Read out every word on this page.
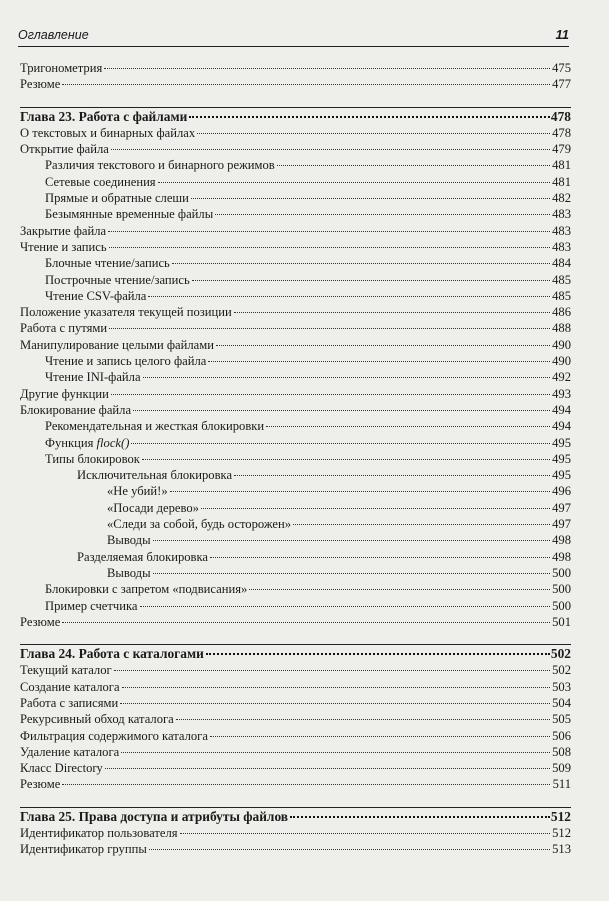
Оглавление	11
Тригонометрия	475
Резюме	477
Глава 23. Работа с файлами	478
О текстовых и бинарных файлах	478
Открытие файла	479
Различия текстового и бинарного режимов	481
Сетевые соединения	481
Прямые и обратные слеши	482
Безымянные временные файлы	483
Закрытие файла	483
Чтение и запись	483
Блочные чтение/запись	484
Построчные чтение/запись	485
Чтение CSV-файла	485
Положение указателя текущей позиции	486
Работа с путями	488
Манипулирование целыми файлами	490
Чтение и запись целого файла	490
Чтение INI-файла	492
Другие функции	493
Блокирование файла	494
Рекомендательная и жесткая блокировки	494
Функция flock()	495
Типы блокировок	495
Исключительная блокировка	495
«Не убий!»	496
«Посади дерево»	497
«Следи за собой, будь осторожен»	497
Выводы	498
Разделяемая блокировка	498
Выводы	500
Блокировки с запретом «подвисания»	500
Пример счетчика	500
Резюме	501
Глава 24. Работа с каталогами	502
Текущий каталог	502
Создание каталога	503
Работа с записями	504
Рекурсивный обход каталога	505
Фильтрация содержимого каталога	506
Удаление каталога	508
Класс Directory	509
Резюме	511
Глава 25. Права доступа и атрибуты файлов	512
Идентификатор пользователя	512
Идентификатор группы	513
